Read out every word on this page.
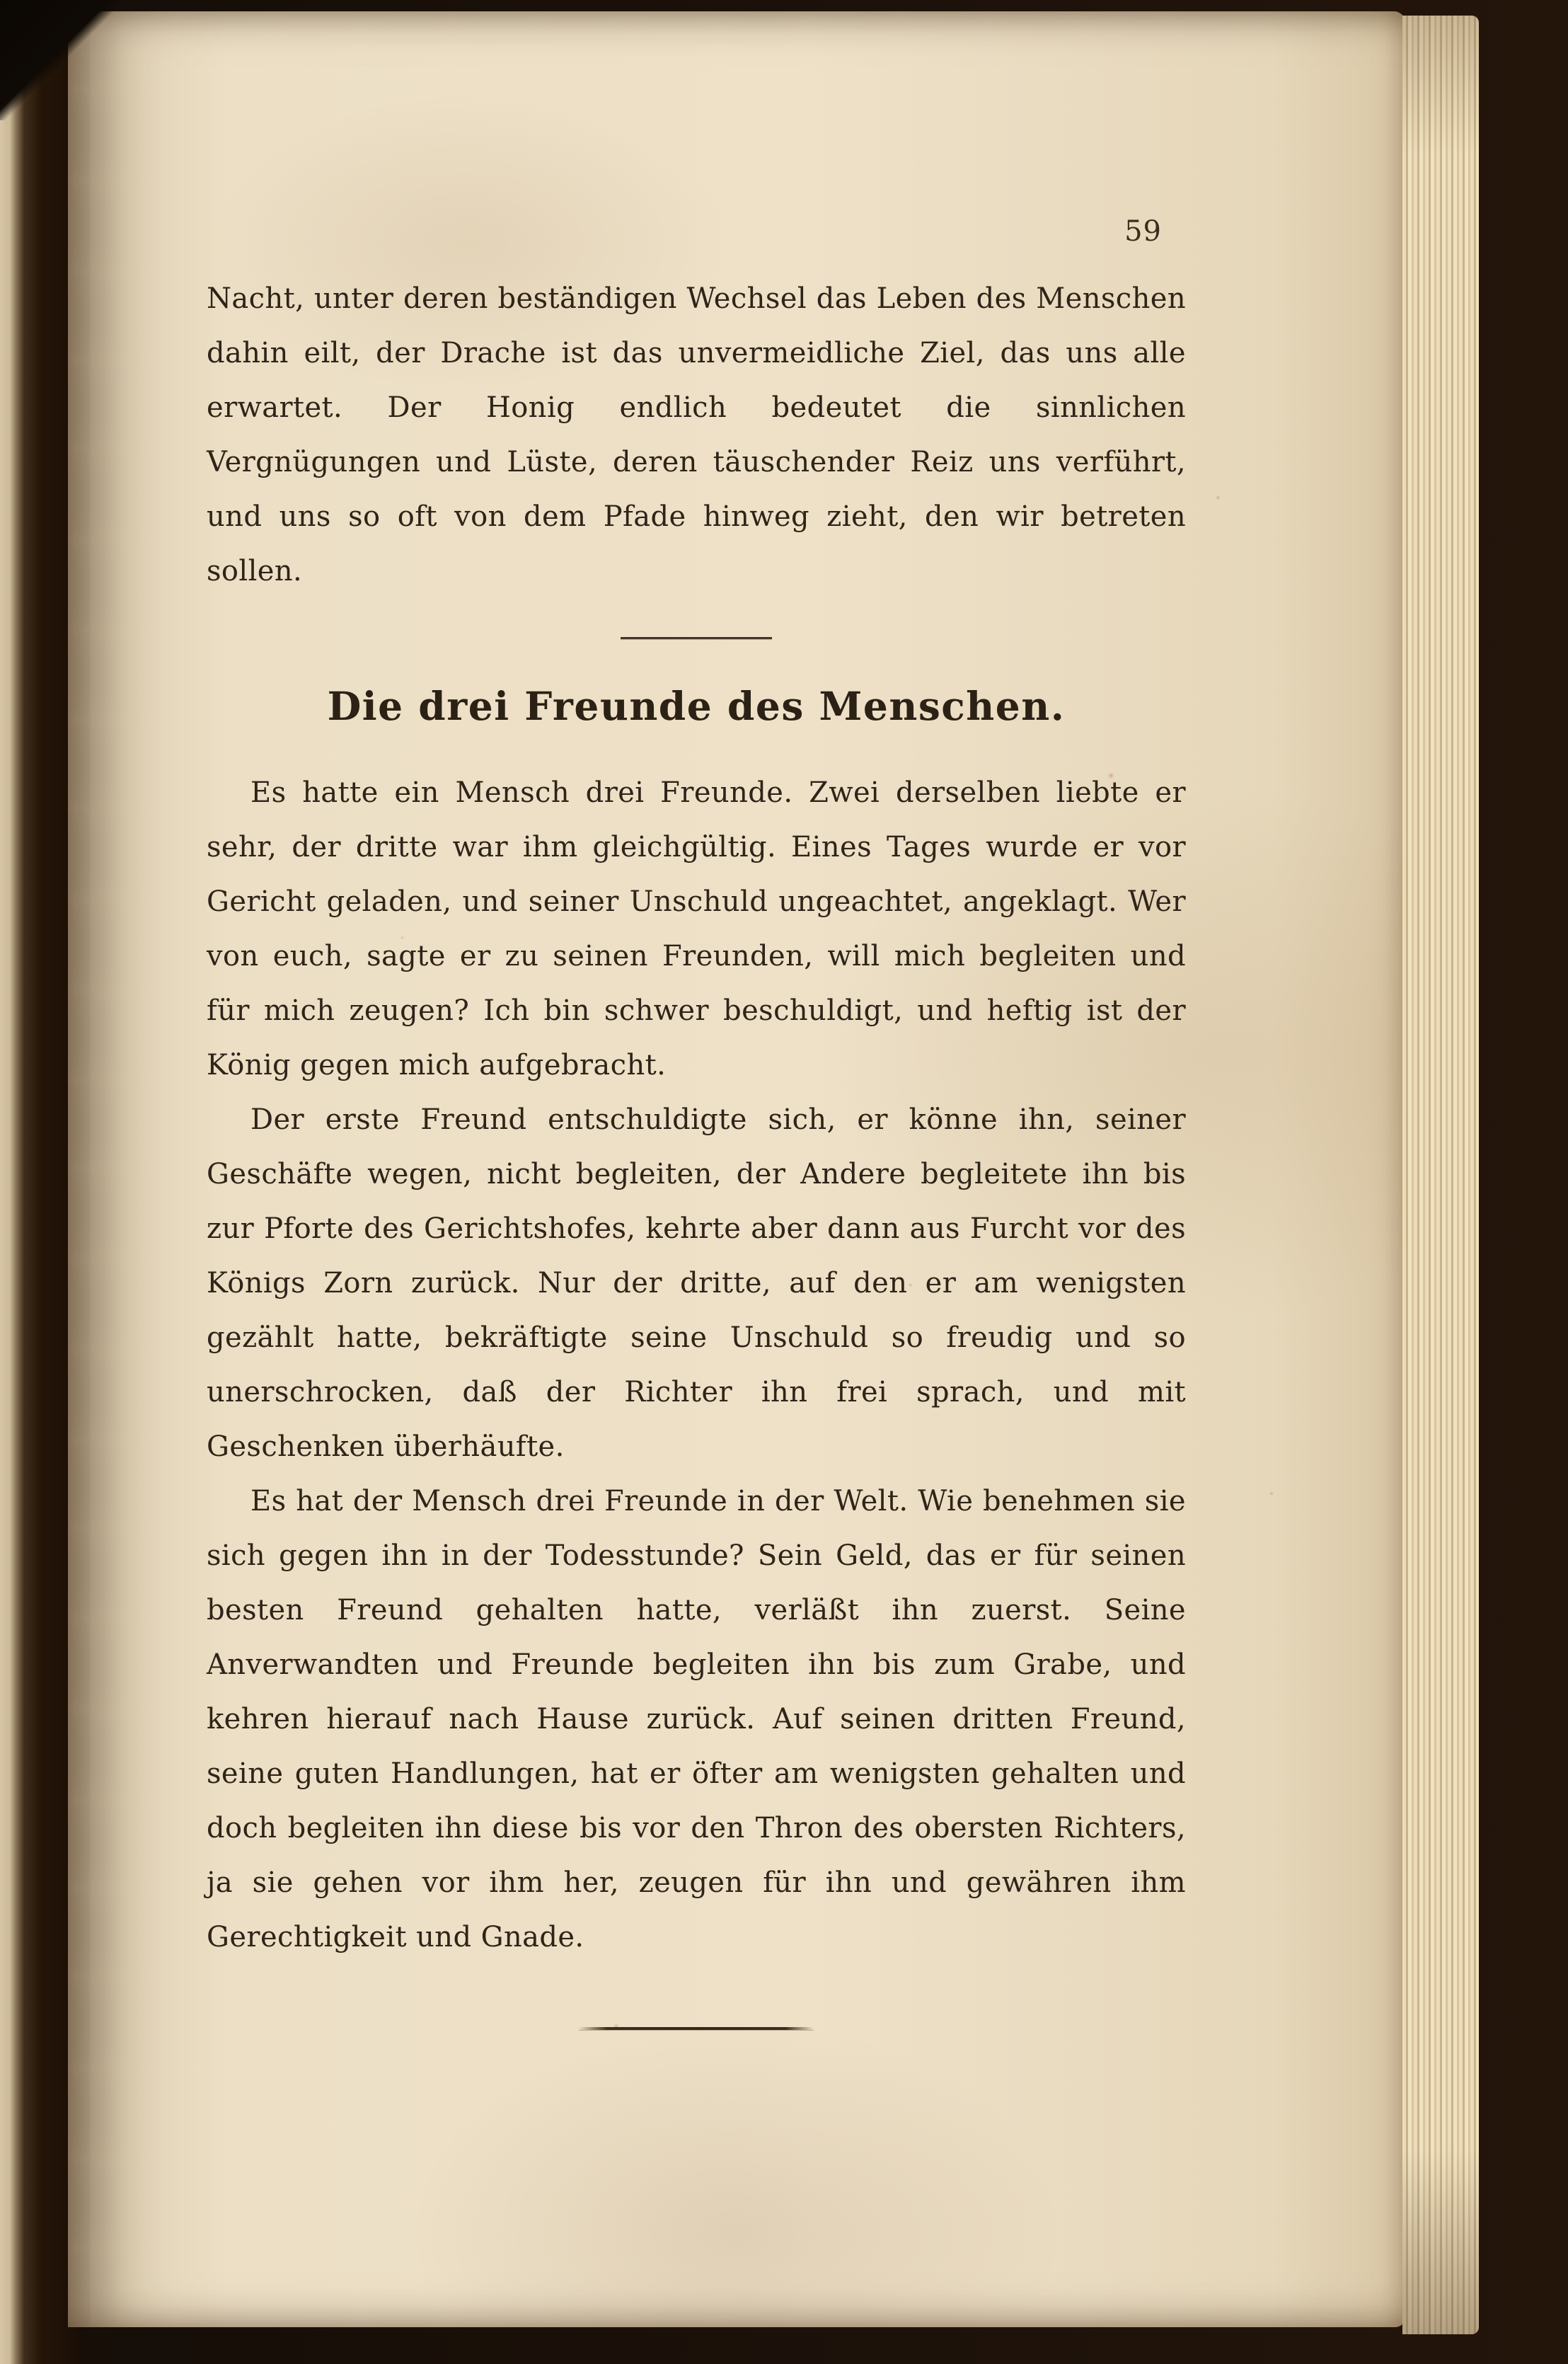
59

Nacht, unter deren beständigen Wechsel das Leben des Menschen dahin eilt, der Drache ist das unvermeidliche Ziel, das uns alle erwartet. Der Honig endlich bedeutet die sinnlichen Vergnügungen und Lüste, deren täuschender Reiz uns verführt, und uns so oft von dem Pfade hinweg zieht, den wir betreten sollen.

Die drei Freunde des Menschen.

Es hatte ein Mensch drei Freunde. Zwei derselben liebte er sehr, der dritte war ihm gleichgültig. Eines Tages wurde er vor Gericht geladen, und seiner Unschuld ungeachtet, angeklagt. Wer von euch, sagte er zu seinen Freunden, will mich begleiten und für mich zeugen? Ich bin schwer beschuldigt, und heftig ist der König gegen mich aufgebracht.

Der erste Freund entschuldigte sich, er könne ihn, seiner Geschäfte wegen, nicht begleiten, der Andere begleitete ihn bis zur Pforte des Gerichtshofes, kehrte aber dann aus Furcht vor des Königs Zorn zurück. Nur der dritte, auf den er am wenigsten gezählt hatte, bekräftigte seine Unschuld so freudig und so unerschrocken, daß der Richter ihn frei sprach, und mit Geschenken überhäufte.

Es hat der Mensch drei Freunde in der Welt. Wie benehmen sie sich gegen ihn in der Todesstunde? Sein Geld, das er für seinen besten Freund gehalten hatte, verläßt ihn zuerst. Seine Anverwandten und Freunde begleiten ihn bis zum Grabe, und kehren hierauf nach Hause zurück. Auf seinen dritten Freund, seine guten Handlungen, hat er öfter am wenigsten gehalten und doch begleiten ihn diese bis vor den Thron des obersten Richters, ja sie gehen vor ihm her, zeugen für ihn und gewähren ihm Gerechtigkeit und Gnade.
